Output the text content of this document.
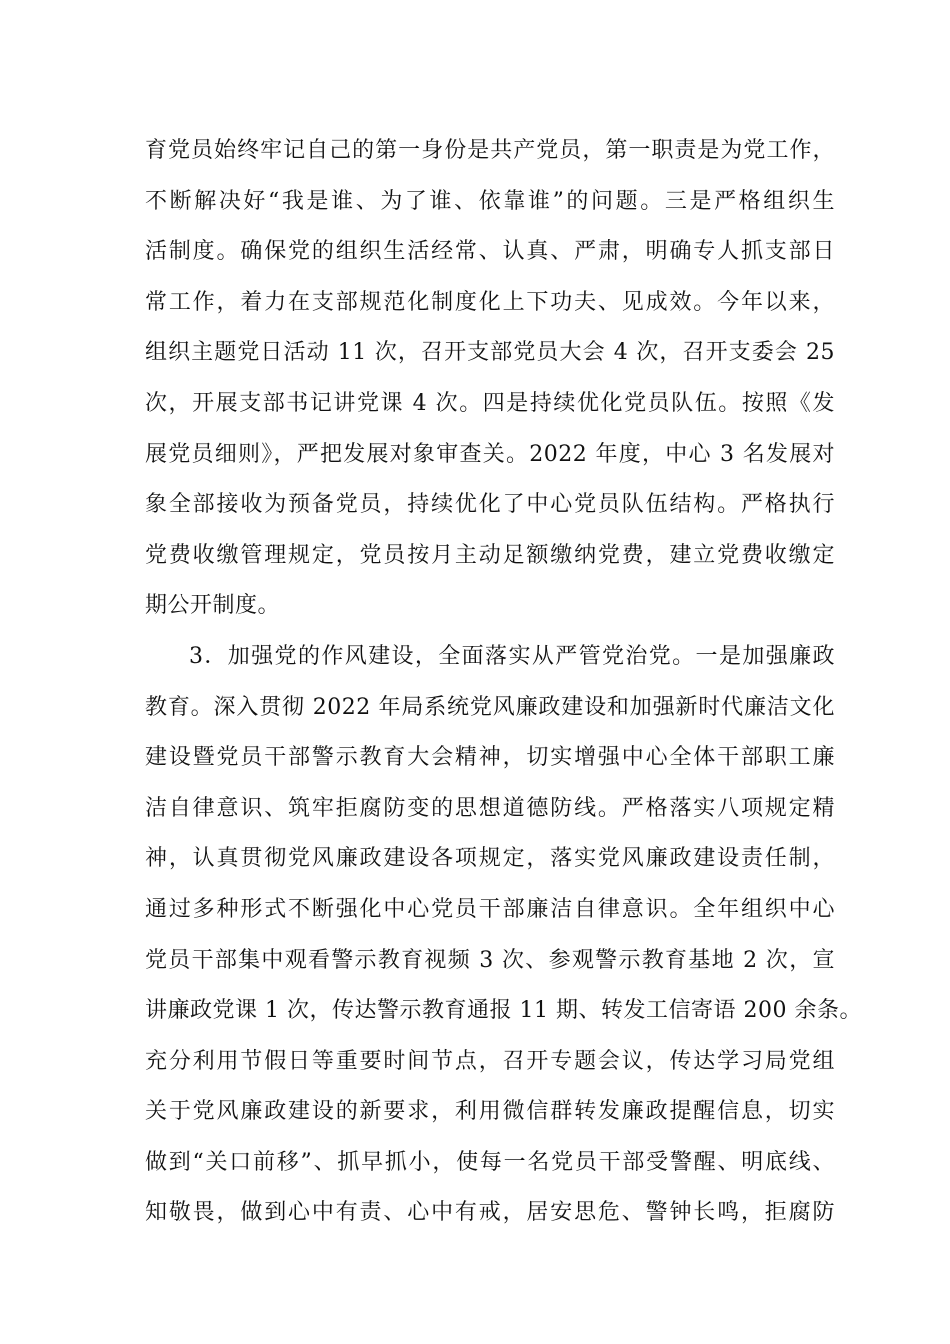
育党员始终牢记自己的第一身份是共产党员，第一职责是为党工作，
不断解决好“我是谁、为了谁、依靠谁”的问题。三是严格组织生
活制度。确保党的组织生活经常、认真、严肃，明确专人抓支部日
常工作，着力在支部规范化制度化上下功夫、见成效。今年以来，
组织主题党日活动 11 次，召开支部党员大会 4 次，召开支委会 25
次，开展支部书记讲党课 4 次。四是持续优化党员队伍。按照《发
展党员细则》，严把发展对象审查关。2022 年度，中心 3 名发展对
象全部接收为预备党员，持续优化了中心党员队伍结构。严格执行
党费收缴管理规定，党员按月主动足额缴纳党费，建立党费收缴定
期公开制度。
3．加强党的作风建设，全面落实从严管党治党。一是加强廉政
教育。深入贯彻 2022 年局系统党风廉政建设和加强新时代廉洁文化
建设暨党员干部警示教育大会精神，切实增强中心全体干部职工廉
洁自律意识、筑牢拒腐防变的思想道德防线。严格落实八项规定精
神，认真贯彻党风廉政建设各项规定，落实党风廉政建设责任制，
通过多种形式不断强化中心党员干部廉洁自律意识。全年组织中心
党员干部集中观看警示教育视频 3 次、参观警示教育基地 2 次，宣
讲廉政党课 1 次，传达警示教育通报 11 期、转发工信寄语 200 余条。
充分利用节假日等重要时间节点，召开专题会议，传达学习局党组
关于党风廉政建设的新要求，利用微信群转发廉政提醒信息，切实
做到“关口前移”、抓早抓小，使每一名党员干部受警醒、明底线、
知敬畏，做到心中有责、心中有戒，居安思危、警钟长鸣，拒腐防
